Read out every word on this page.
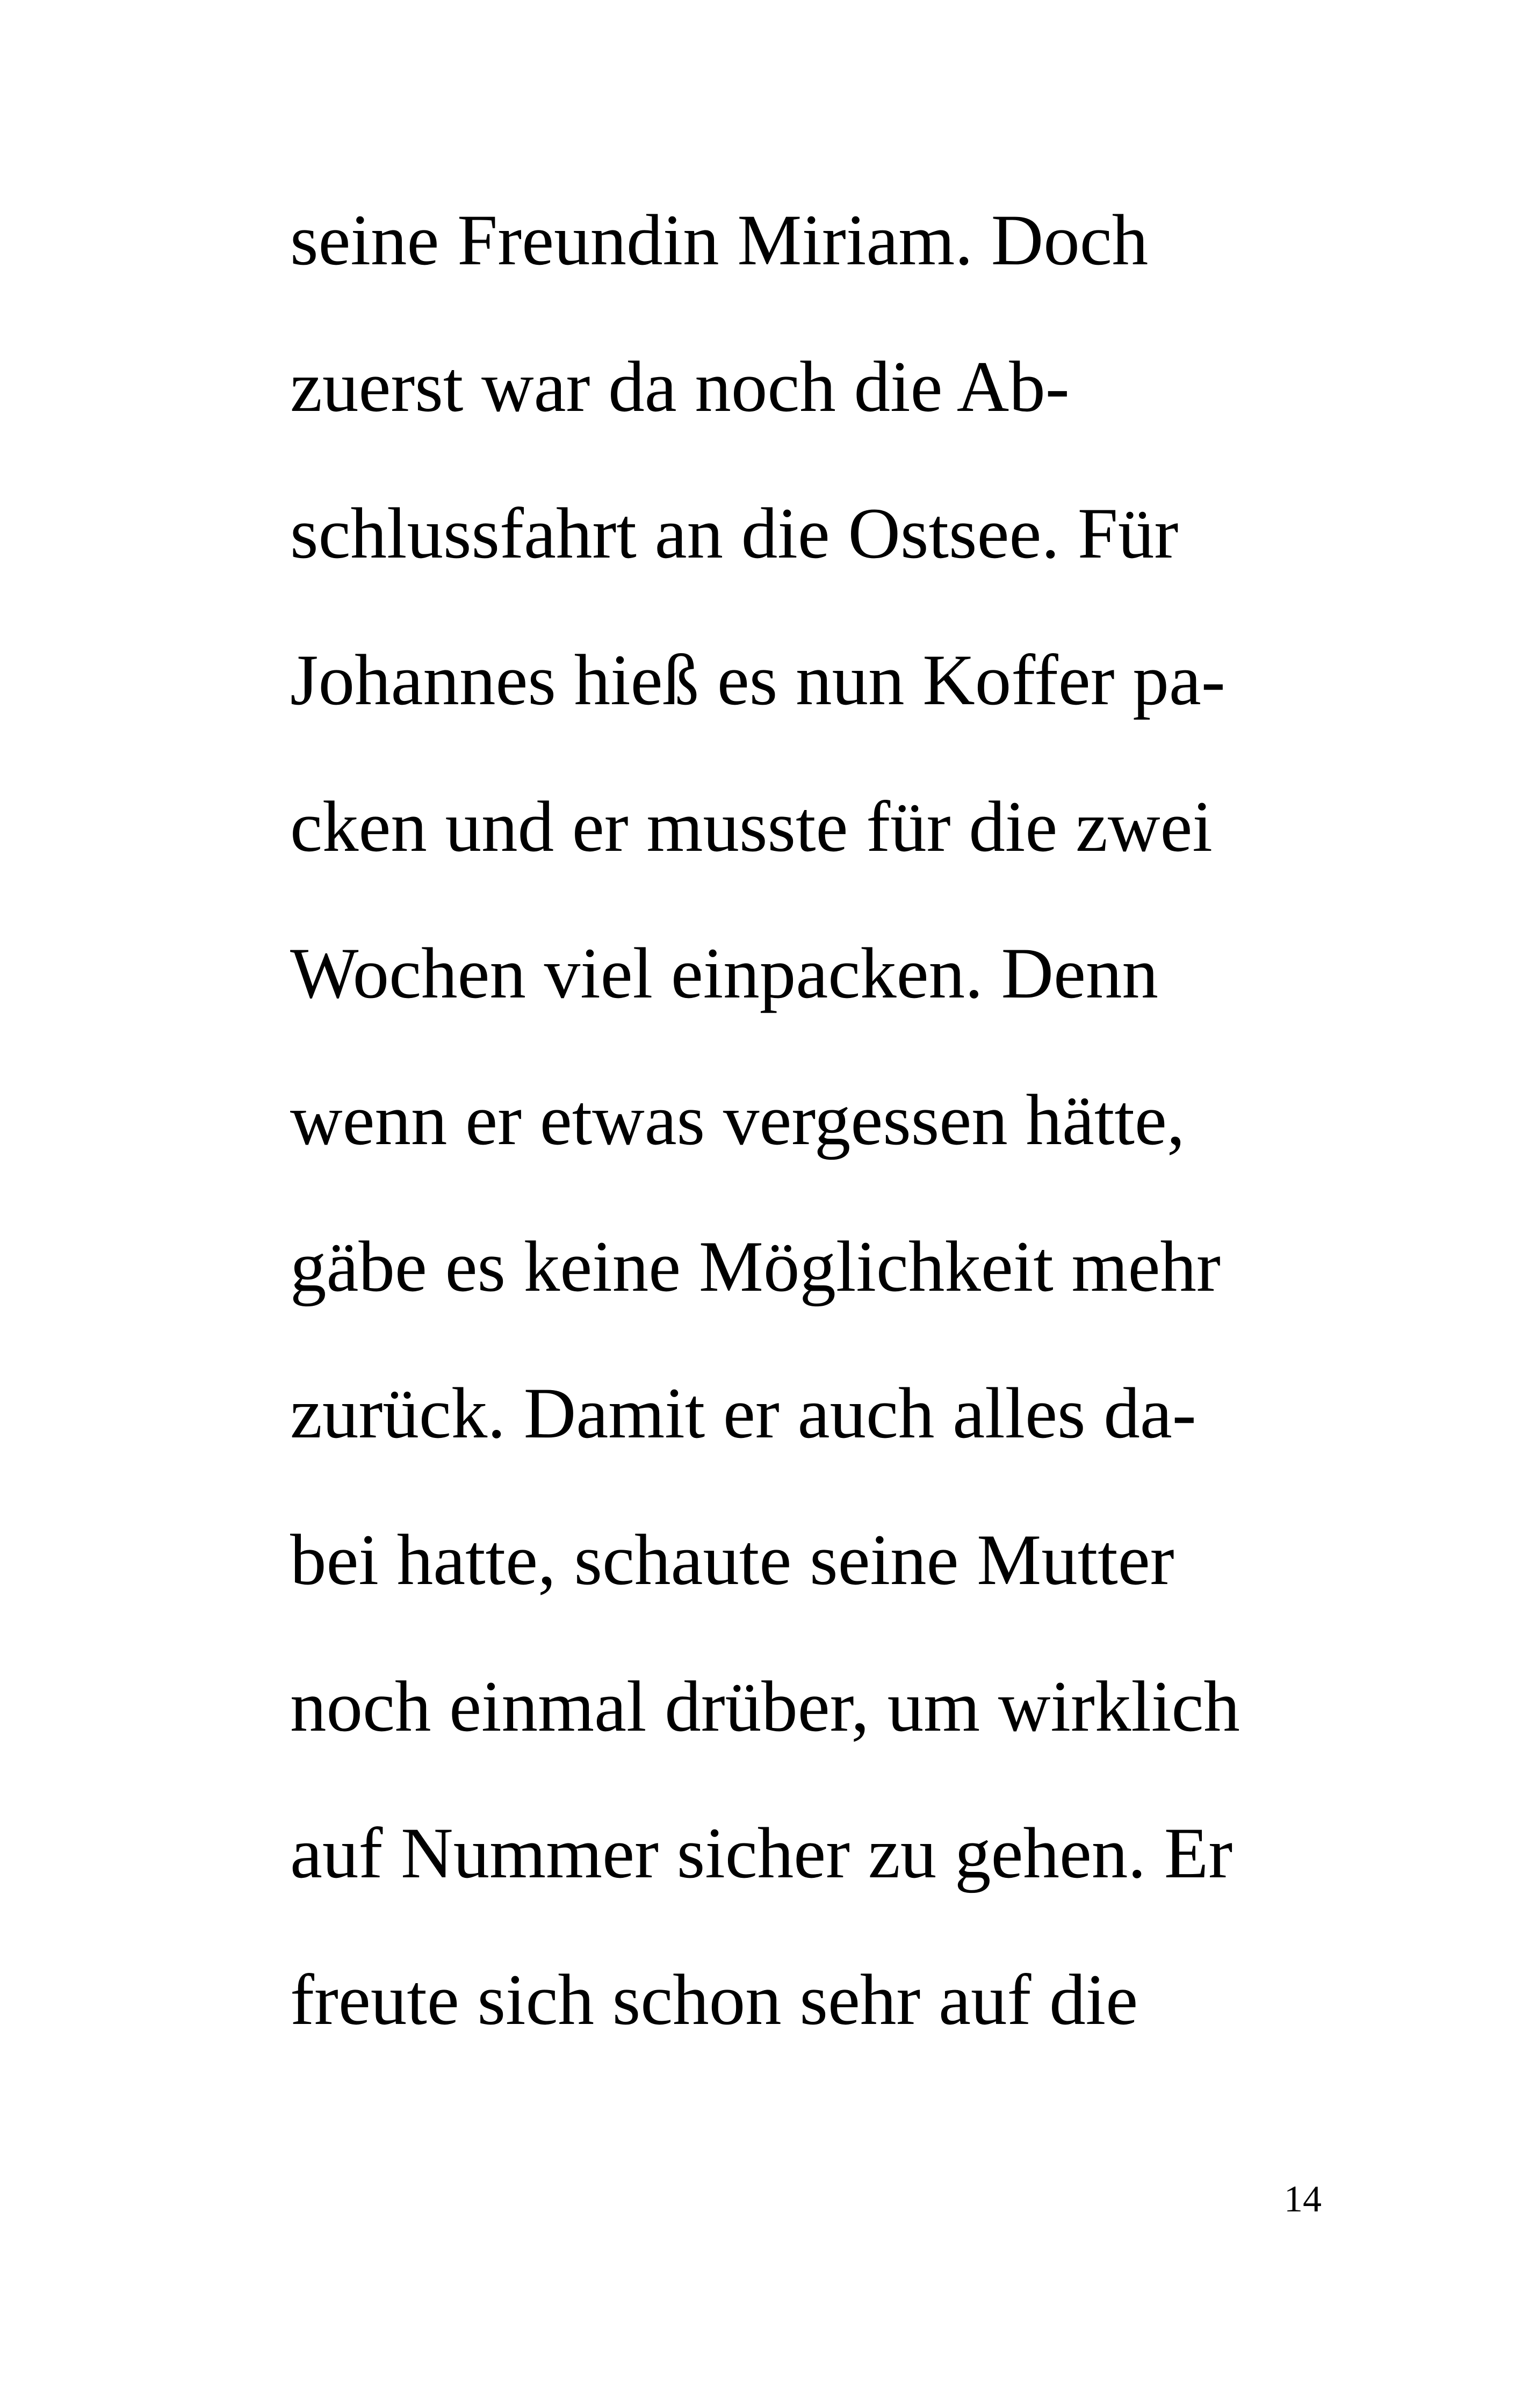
seine Freundin Miriam. Doch
zuerst war da noch die Ab-
schlussfahrt an die Ostsee. Für
Johannes hieß es nun Koffer pa-
cken und er musste für die zwei
Wochen viel einpacken. Denn
wenn er etwas vergessen hätte,
gäbe es keine Möglichkeit mehr
zurück. Damit er auch alles da-
bei hatte, schaute seine Mutter
noch einmal drüber, um wirklich
auf Nummer sicher zu gehen. Er
freute sich schon sehr auf die
14
